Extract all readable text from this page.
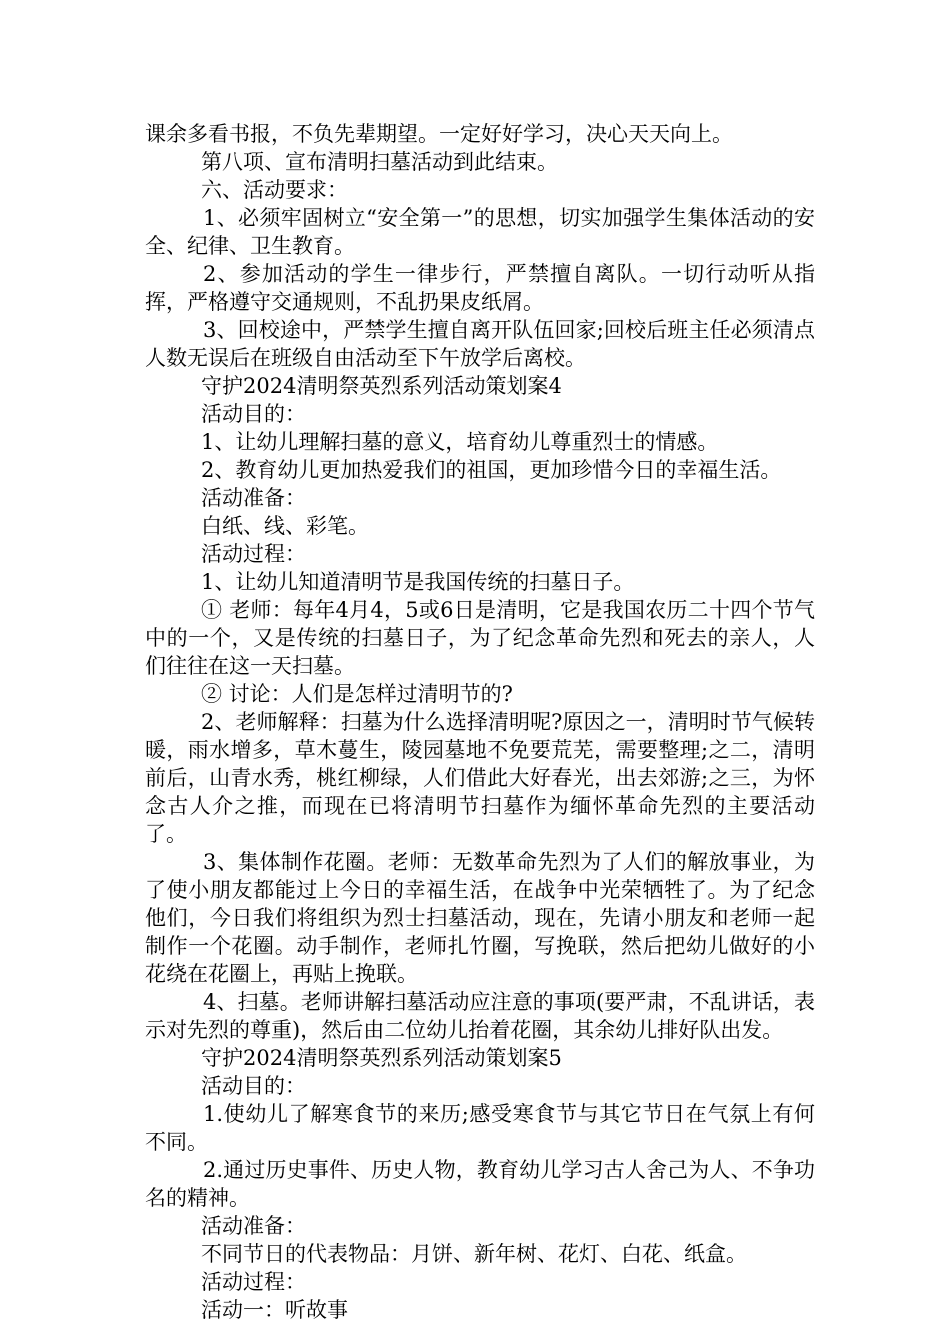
课余多看书报，不负先辈期望。一定好好学习，决心天天向上。

第八项、宣布清明扫墓活动到此结束。

六、活动要求：

1、必须牢固树立“安全第一”的思想，切实加强学生集体活动的安全、纪律、卫生教育。

2、参加活动的学生一律步行，严禁擅自离队。一切行动听从指挥，严格遵守交通规则，不乱扔果皮纸屑。

3、回校途中，严禁学生擅自离开队伍回家;回校后班主任必须清点人数无误后在班级自由活动至下午放学后离校。

守护2024清明祭英烈系列活动策划案4

活动目的：

1、让幼儿理解扫墓的意义，培育幼儿尊重烈士的情感。

2、教育幼儿更加热爱我们的祖国，更加珍惜今日的幸福生活。

活动准备：

白纸、线、彩笔。

活动过程：

1、让幼儿知道清明节是我国传统的扫墓日子。

① 老师：每年4月4，5或6日是清明，它是我国农历二十四个节气中的一个，又是传统的扫墓日子，为了纪念革命先烈和死去的亲人，人们往往在这一天扫墓。

② 讨论：人们是怎样过清明节的?

2、老师解释：扫墓为什么选择清明呢?原因之一，清明时节气候转暖，雨水增多，草木蔓生，陵园墓地不免要荒芜，需要整理;之二，清明前后，山青水秀，桃红柳绿，人们借此大好春光，出去郊游;之三，为怀念古人介之推，而现在已将清明节扫墓作为缅怀革命先烈的主要活动了。

3、集体制作花圈。老师：无数革命先烈为了人们的解放事业，为了使小朋友都能过上今日的幸福生活，在战争中光荣牺牲了。为了纪念他们，今日我们将组织为烈士扫墓活动，现在，先请小朋友和老师一起制作一个花圈。动手制作，老师扎竹圈，写挽联，然后把幼儿做好的小花绕在花圈上，再贴上挽联。

4、扫墓。老师讲解扫墓活动应注意的事项(要严肃，不乱讲话，表示对先烈的尊重)，然后由二位幼儿抬着花圈，其余幼儿排好队出发。

守护2024清明祭英烈系列活动策划案5

活动目的：

1.使幼儿了解寒食节的来历;感受寒食节与其它节日在气氛上有何不同。

2.通过历史事件、历史人物，教育幼儿学习古人舍己为人、不争功名的精神。

活动准备：

不同节日的代表物品：月饼、新年树、花灯、白花、纸盒。

活动过程：

活动一：听故事
